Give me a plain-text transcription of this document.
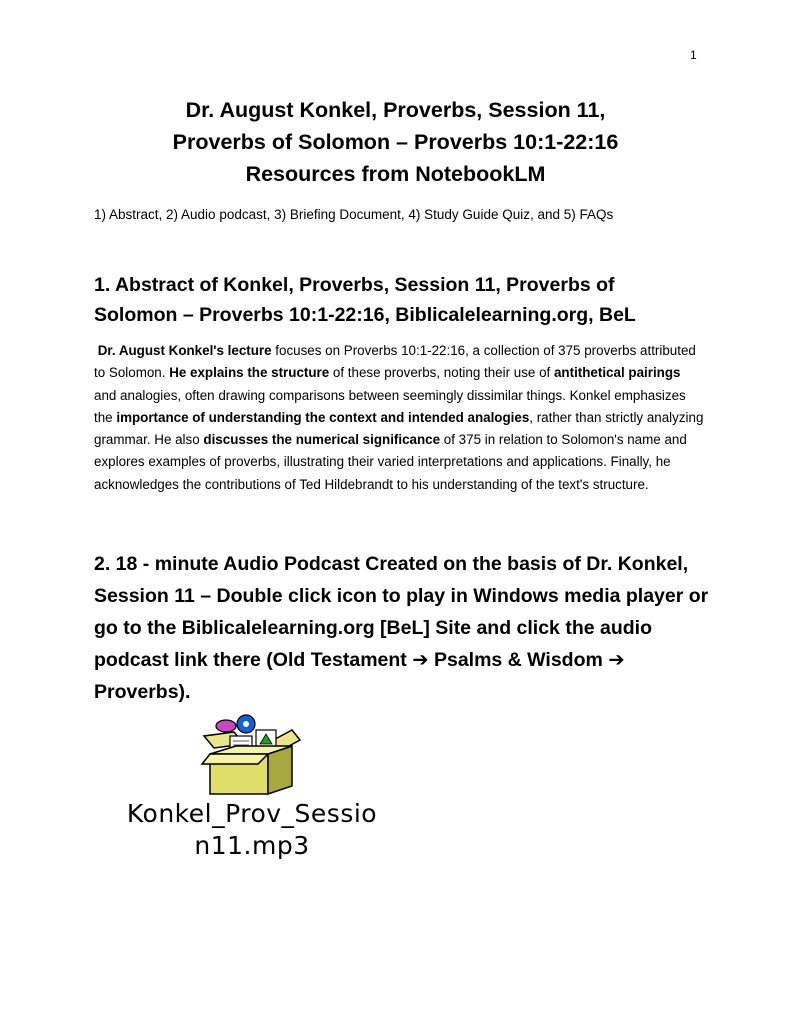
1
Dr. August Konkel, Proverbs, Session 11,
Proverbs of Solomon – Proverbs 10:1-22:16
Resources from NotebookLM
1) Abstract, 2) Audio podcast, 3) Briefing Document, 4) Study Guide Quiz, and 5) FAQs
1. Abstract of Konkel, Proverbs, Session 11, Proverbs of
Solomon – Proverbs 10:1-22:16, Biblicalelearning.org, BeL
Dr. August Konkel's lecture focuses on Proverbs 10:1-22:16, a collection of 375 proverbs attributed to Solomon. He explains the structure of these proverbs, noting their use of antithetical pairings and analogies, often drawing comparisons between seemingly dissimilar things. Konkel emphasizes the importance of understanding the context and intended analogies, rather than strictly analyzing grammar. He also discusses the numerical significance of 375 in relation to Solomon's name and explores examples of proverbs, illustrating their varied interpretations and applications. Finally, he acknowledges the contributions of Ted Hildebrandt to his understanding of the text's structure.
2. 18 - minute Audio Podcast Created on the basis of Dr. Konkel, Session 11 – Double click icon to play in Windows media player or go to the Biblicalelearning.org [BeL] Site and click the audio podcast link there (Old Testament ➔ Psalms & Wisdom ➔ Proverbs).
Konkel_Prov_Sessio
n11.mp3
